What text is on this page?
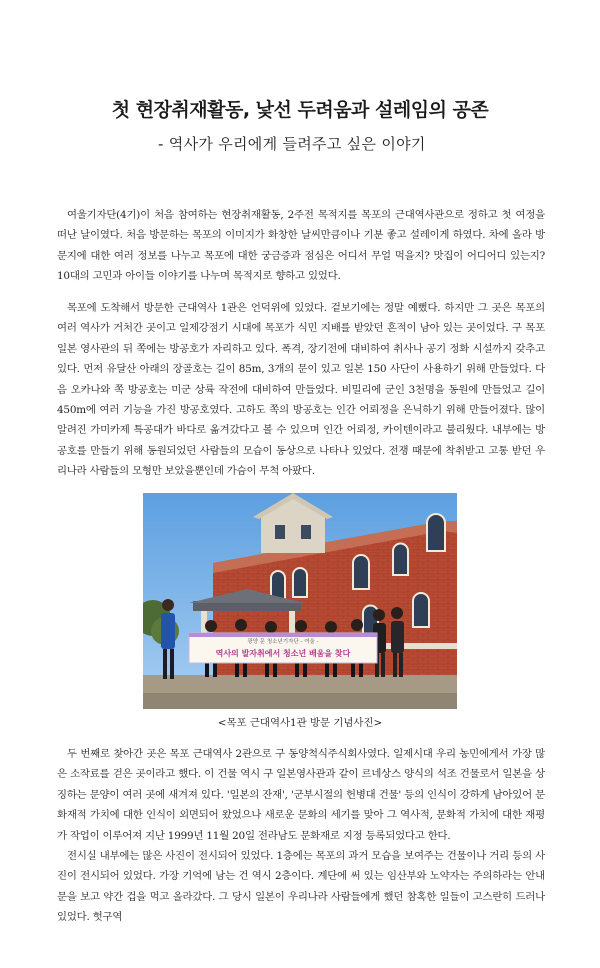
첫 현장취재활동, 낯선 두려움과 설레임의 공존

- 역사가 우리에게 들려주고 싶은 이야기

여울기자단(4기)이 처음 참여하는 현장취재활동, 2주전 목적지를 목포의 근대역사관으로 정하고 첫 여정을 떠난 날이였다. 처음 방문하는 목포의 이미지가 화창한 날씨만큼이나 기분 좋고 설레이게 하였다. 차에 올라 방문지에 대한 여러 정보를 나누고 목포에 대한 궁금증과 점심은 어디서 무얼 먹을지? 맛집이 어디어디 있는지? 10대의 고민과 아이들 이야기를 나누며 목적지로 향하고 있었다.

목포에 도착해서 방문한 근대역사 1관은 언덕위에 있었다. 겉보기에는 정말 예뻤다. 하지만 그 곳은 목포의 여러 역사가 거처간 곳이고 일제강점기 시대에 목포가 식민 지배를 받았던 흔적이 남아 있는 곳이었다. 구 목포 일본 영사관의 뒤 쪽에는 방공호가 자리하고 있다. 폭격, 장기전에 대비하여 취사나 공기 정화 시설까지 갖추고 있다. 먼저 유달산 아래의 장골호는 길이 85m, 3개의 문이 있고 일본 150 사단이 사용하기 위해 만들었다. 다음 오카나와 쪽 방공호는 미군 상륙 작전에 대비하여 만들었다. 비밀리에 군인 3천명을 동원에 만들었고 길이 450m에 여러 기능을 가진 방공호였다. 고하도 쪽의 방공호는 인간 어뢰정을 은닉하기 위해 만들어졌다. 많이 알려진 가미카제 특공대가 바다로 옮겨갔다고 볼 수 있으며 인간 어뢰정, 카이텐이라고 불리웠다. 내부에는 방공호를 만들기 위해 동원되었던 사람들의 모습이 동상으로 나타나 있었다. 전쟁 때문에 착취받고 고통 받던 우리나라 사람들의 모형만 보았을뿐인데 가슴이 무척 아팠다.

광양 문 청소년기자단 - 여울 -
역사의 발자취에서 청소년 배움을 찾다

<목포 근대역사1관 방문 기념사진>

두 번째로 찾아간 곳은 목포 근대역사 2관으로 구 동양척식주식회사였다. 일제시대 우리 농민에게서 가장 많은 소작료를 걷은 곳이라고 했다. 이 건물 역시 구 일본영사관과 같이 르네상스 양식의 석조 건물로서 일본을 상징하는 문양이 여러 곳에 새겨져 있다. '일본의 잔재', '군부시절의 헌병대 건물' 등의 인식이 강하게 남아있어 문화재적 가치에 대한 인식이 외면되어 왔었으나 새로운 문화의 세기를 맞아 그 역사적, 문화적 가치에 대한 재평가 작업이 이루어져 지난 1999년 11월 20일 전라남도 문화재로 지정 등록되었다고 한다.

전시실 내부에는 많은 사진이 전시되어 있었다. 1층에는 목포의 과거 모습을 보여주는 건물이나 거리 등의 사진이 전시되어 있었다. 가장 기억에 남는 건 역시 2층이다. 계단에 써 있는 임산부와 노약자는 주의하라는 안내문을 보고 약간 겁을 먹고 올라갔다. 그 당시 일본이 우리나라 사람들에게 했던 참혹한 일들이 고스란히 드러나 있었다. 헛구역
